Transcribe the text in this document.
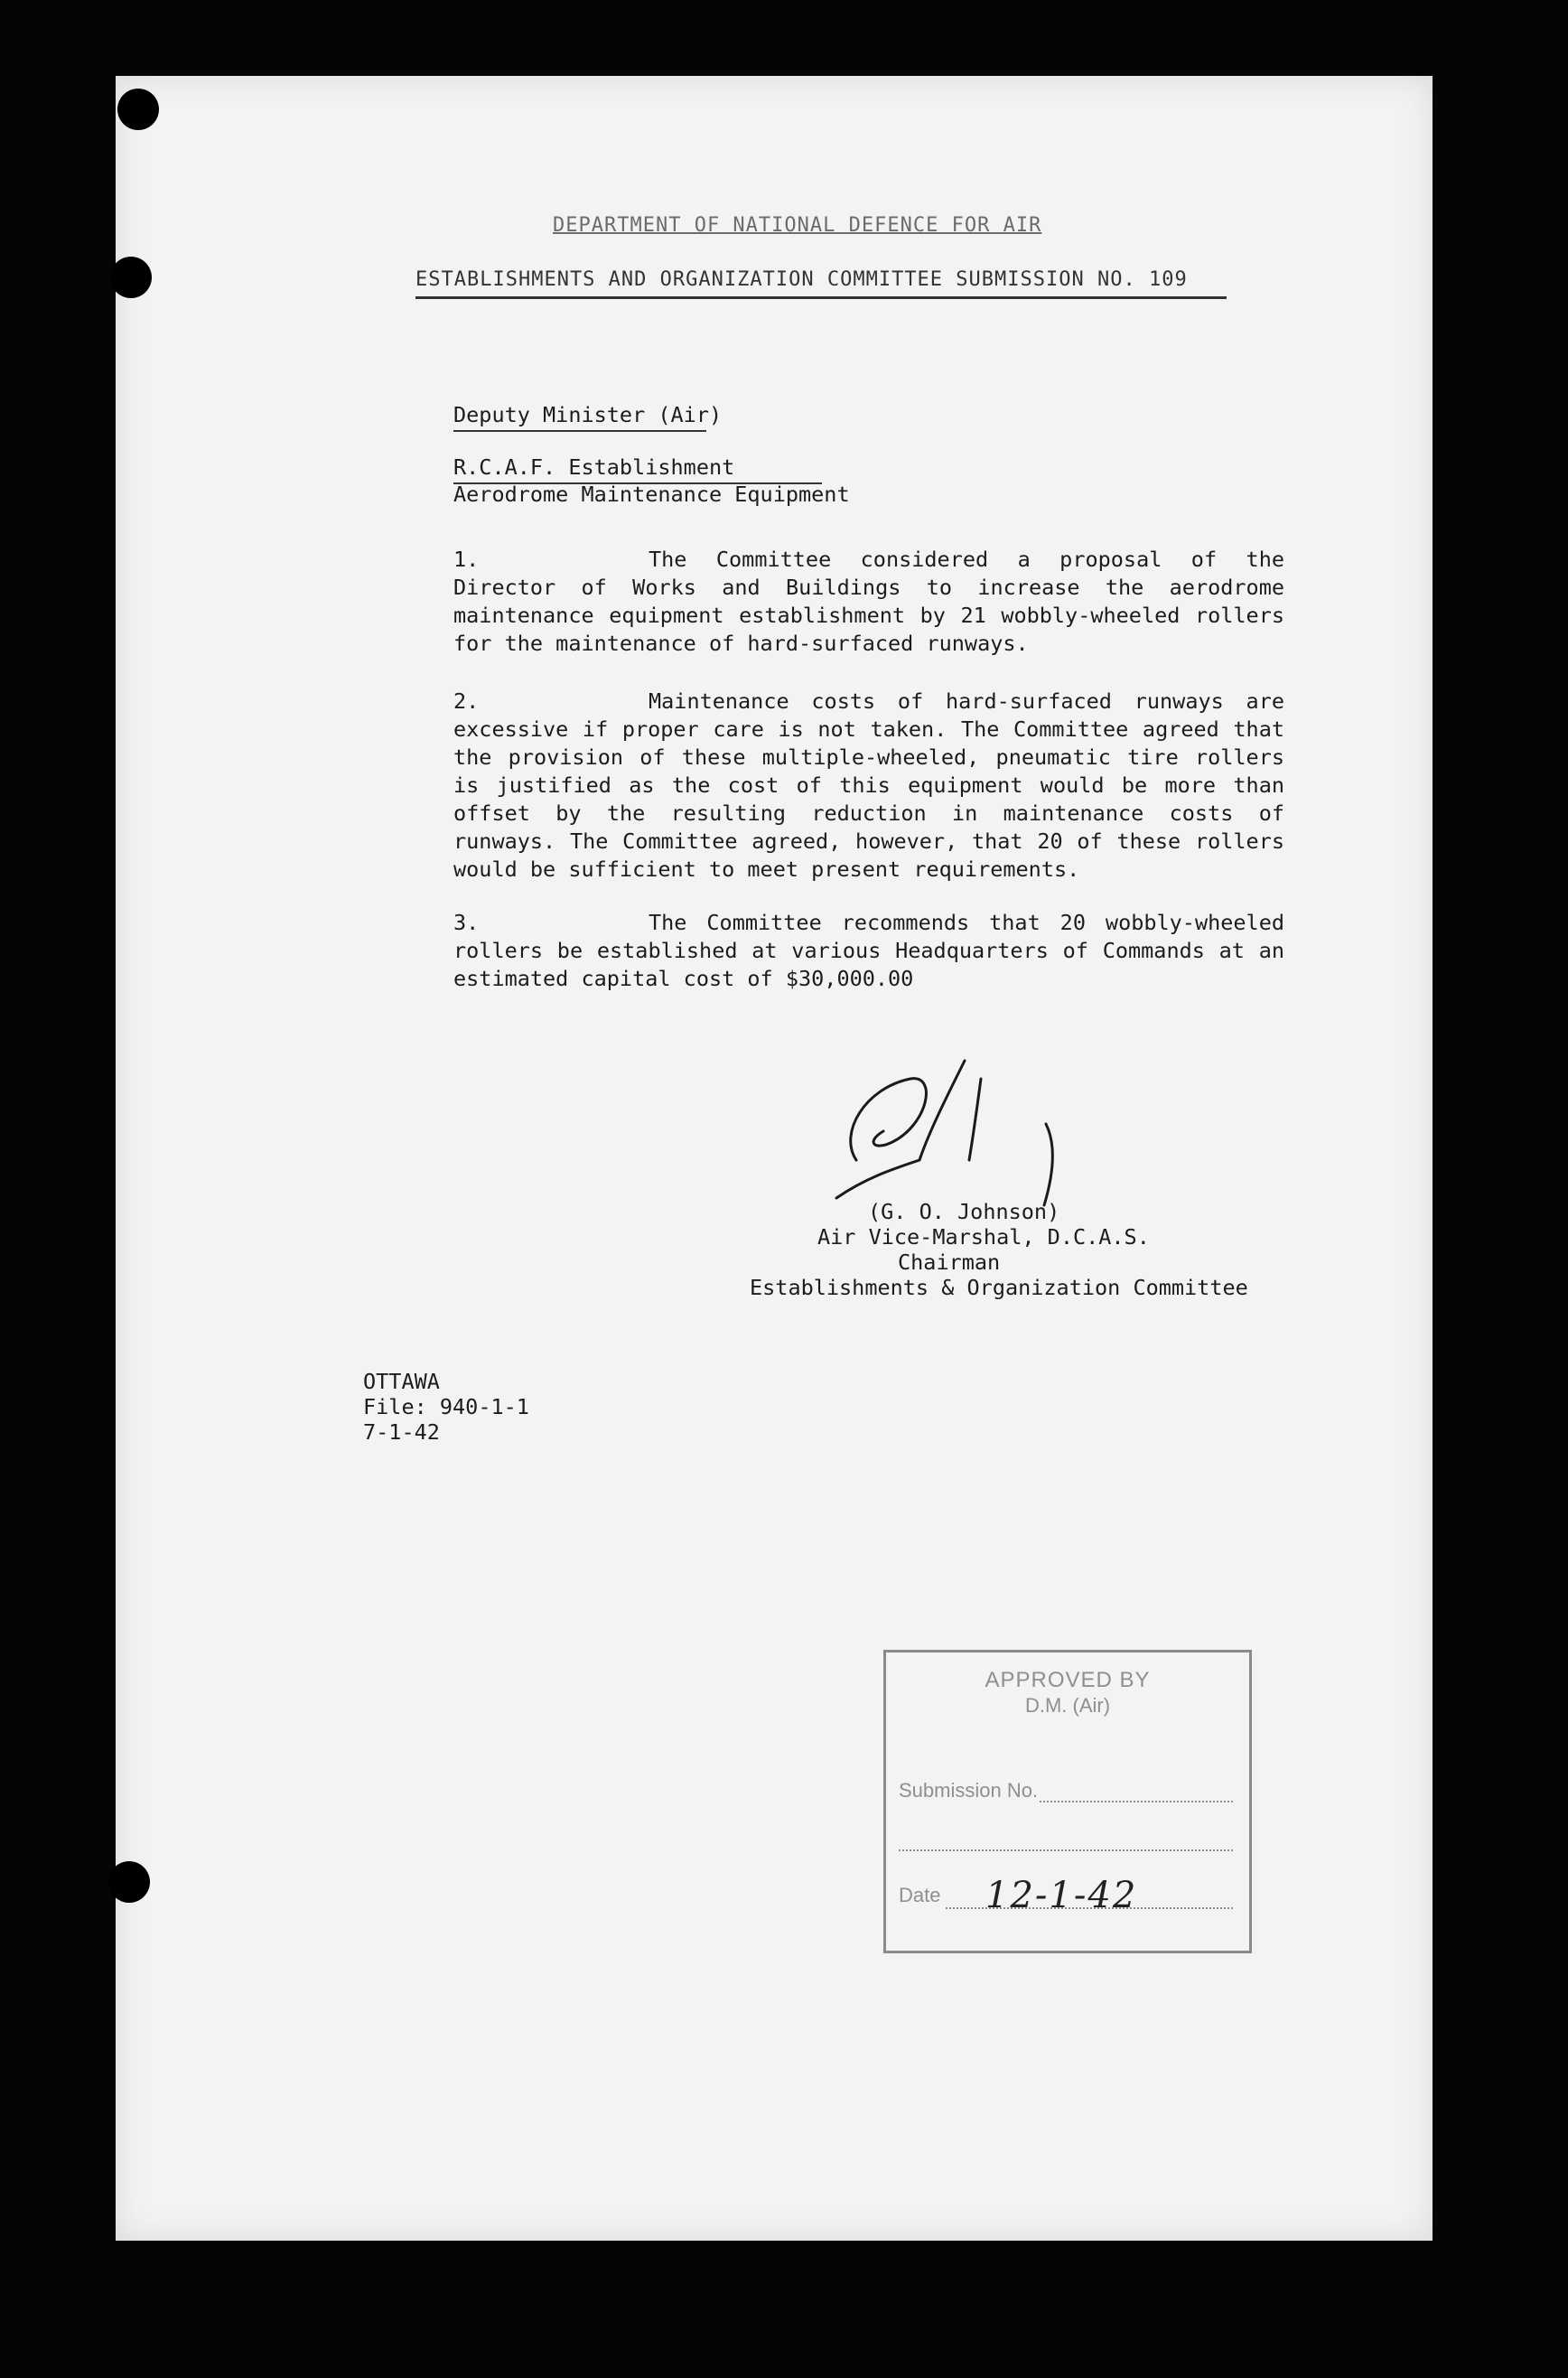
DEPARTMENT OF NATIONAL DEFENCE FOR AIR
ESTABLISHMENTS AND ORGANIZATION COMMITTEE SUBMISSION NO. 109
Deputy Minister (Air)
R.C.A.F. Establishment
Aerodrome Maintenance Equipment
1.	The Committee considered a proposal of the Director of Works and Buildings to increase the aerodrome maintenance equipment establishment by 21 wobbly-wheeled rollers for the maintenance of hard-surfaced runways.
2.	Maintenance costs of hard-surfaced runways are excessive if proper care is not taken. The Committee agreed that the provision of these multiple-wheeled, pneumatic tire rollers is justified as the cost of this equipment would be more than offset by the resulting reduction in maintenance costs of runways. The Committee agreed, however, that 20 of these rollers would be sufficient to meet present requirements.
3.	The Committee recommends that 20 wobbly-wheeled rollers be established at various Headquarters of Commands at an estimated capital cost of $30,000.00
(G. O. Johnson)
Air Vice-Marshal, D.C.A.S.
Chairman
Establishments & Organization Committee
OTTAWA
File: 940-1-1
7-1-42
APPROVED BY
D.M. (Air)
Submission No.
Date 12-1-42
